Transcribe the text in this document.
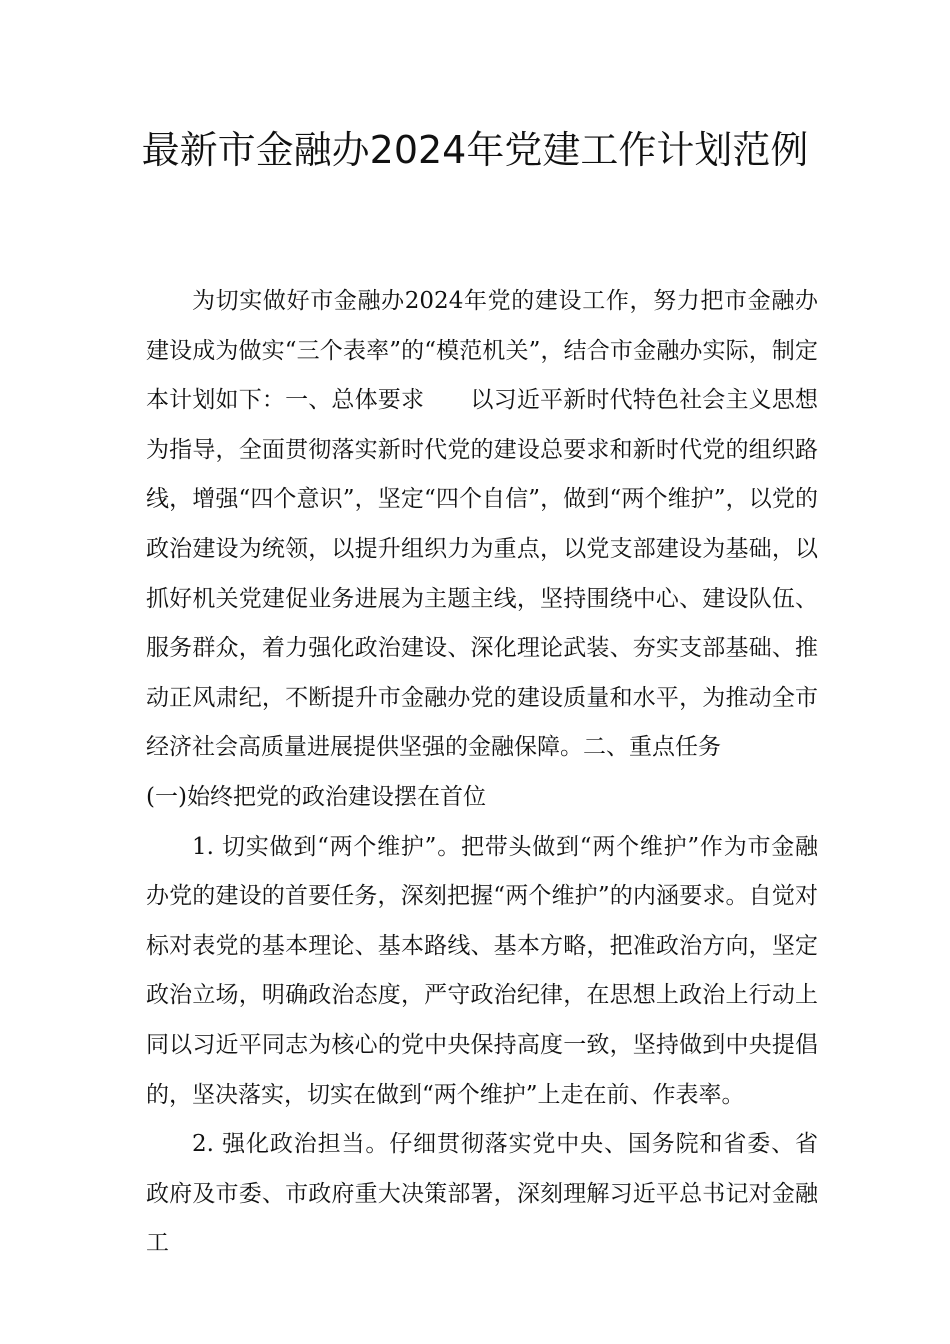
最新市金融办2024年党建工作计划范例

为切实做好市金融办2024年党的建设工作，努力把市金融办建设成为做实“三个表率”的“模范机关”，结合市金融办实际，制定本计划如下：一、总体要求　　以习近平新时代特色社会主义思想为指导，全面贯彻落实新时代党的建设总要求和新时代党的组织路线，增强“四个意识”，坚定“四个自信”，做到“两个维护”，以党的政治建设为统领，以提升组织力为重点，以党支部建设为基础，以抓好机关党建促业务进展为主题主线，坚持围绕中心、建设队伍、服务群众，着力强化政治建设、深化理论武装、夯实支部基础、推动正风肃纪，不断提升市金融办党的建设质量和水平，为推动全市经济社会高质量进展提供坚强的金融保障。二、重点任务

(一)始终把党的政治建设摆在首位

1. 切实做到“两个维护”。把带头做到“两个维护”作为市金融办党的建设的首要任务，深刻把握“两个维护”的内涵要求。自觉对标对表党的基本理论、基本路线、基本方略，把准政治方向，坚定政治立场，明确政治态度，严守政治纪律，在思想上政治上行动上同以习近平同志为核心的党中央保持高度一致，坚持做到中央提倡的，坚决落实，切实在做到“两个维护”上走在前、作表率。

2. 强化政治担当。仔细贯彻落实党中央、国务院和省委、省政府及市委、市政府重大决策部署，深刻理解习近平总书记对金融工
